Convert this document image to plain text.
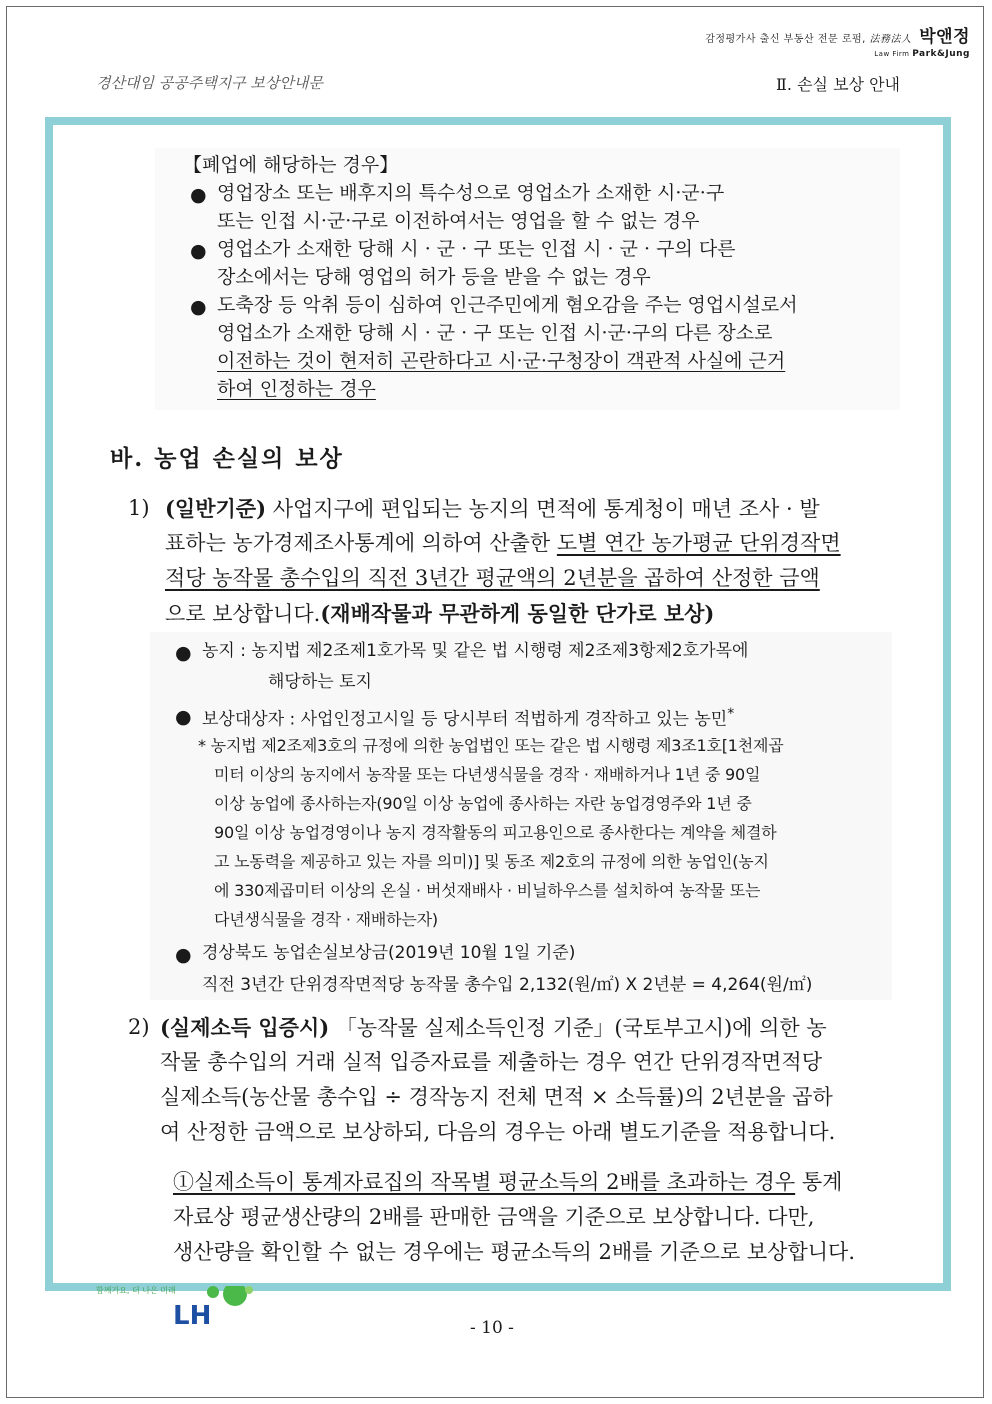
감정평가사 출신 부동산 전문 로펌, 法務法人 박앤정
Law Firm Park&Jung
경산대임 공공주택지구 보상안내문	Ⅱ. 손실 보상 안내
【폐업에 해당하는 경우】
● 영업장소 또는 배후지의 특수성으로 영업소가 소재한 시·군·구
또는 인접 시·군·구로 이전하여서는 영업을 할 수 없는 경우
● 영업소가 소재한 당해 시 · 군 · 구 또는 인접 시 · 군 · 구의 다른
장소에서는 당해 영업의 허가 등을 받을 수 없는 경우
● 도축장 등 악취 등이 심하여 인근주민에게 혐오감을 주는 영업시설로서
영업소가 소재한 당해 시 · 군 · 구 또는 인접 시·군·구의 다른 장소로
이전하는 것이 현저히 곤란하다고 시·군·구청장이 객관적 사실에 근거
하여 인정하는 경우
바. 농업 손실의 보상
1) (일반기준) 사업지구에 편입되는 농지의 면적에 통계청이 매년 조사 · 발
표하는 농가경제조사통계에 의하여 산출한 도별 연간 농가평균 단위경작면
적당 농작물 총수입의 직전 3년간 평균액의 2년분을 곱하여 산정한 금액
으로 보상합니다.(재배작물과 무관하게 동일한 단가로 보상)
● 농지 : 농지법 제2조제1호가목 및 같은 법 시행령 제2조제3항제2호가목에
해당하는 토지
● 보상대상자 : 사업인정고시일 등 당시부터 적법하게 경작하고 있는 농민*
* 농지법 제2조제3호의 규정에 의한 농업법인 또는 같은 법 시행령 제3조1호[1천제곱
미터 이상의 농지에서 농작물 또는 다년생식물을 경작 · 재배하거나 1년 중 90일
이상 농업에 종사하는자(90일 이상 농업에 종사하는 자란 농업경영주와 1년 중
90일 이상 농업경영이나 농지 경작활동의 피고용인으로 종사한다는 계약을 체결하
고 노동력을 제공하고 있는 자를 의미)] 및 동조 제2호의 규정에 의한 농업인(농지
에 330제곱미터 이상의 온실 · 버섯재배사 · 비닐하우스를 설치하여 농작물 또는
다년생식물을 경작 · 재배하는자)
● 경상북도 농업손실보상금(2019년 10월 1일 기준)
직전 3년간 단위경작면적당 농작물 총수입 2,132(원/㎡) X 2년분 = 4,264(원/㎡)
2) (실제소득 입증시) 「농작물 실제소득인정 기준」(국토부고시)에 의한 농
작물 총수입의 거래 실적 입증자료를 제출하는 경우 연간 단위경작면적당
실제소득(농산물 총수입 ÷ 경작농지 전체 면적 × 소득률)의 2년분을 곱하
여 산정한 금액으로 보상하되, 다음의 경우는 아래 별도기준을 적용합니다.
①실제소득이 통계자료집의 작목별 평균소득의 2배를 초과하는 경우 통계
자료상 평균생산량의 2배를 판매한 금액을 기준으로 보상합니다. 다만,
생산량을 확인할 수 없는 경우에는 평균소득의 2배를 기준으로 보상합니다.
함께가요, 더 나은 미래
LH	- 10 -
